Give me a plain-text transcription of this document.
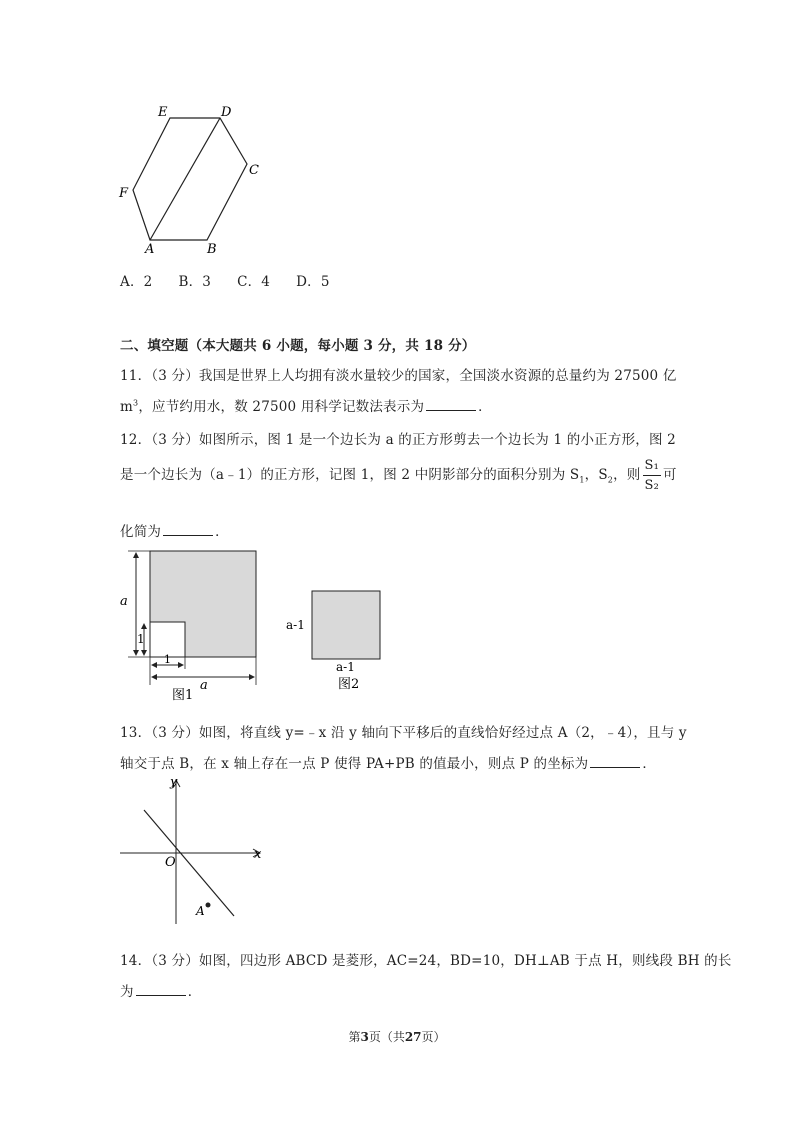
E	D
C
F
A	B
A．2 B．3 C．4 D．5
二、填空题（本大题共 6 小题，每小题 3 分，共 18 分）
11．（3 分）我国是世界上人均拥有淡水量较少的国家，全国淡水资源的总量约为 27500 亿
$m^3$，应节约用水，数 27500 用科学记数法表示为	．
12．（3 分）如图所示，图 1 是一个边长为 a 的正方形剪去一个边长为 1 的小正方形，图 2
是一个边长为（a﹣1）的正方形，记图 1，图 2 中阴影部分的面积分别为 $S_1$，$S_2$，则 $\frac{\text{S₁}}{\text{S₂}}$ 可
化简为	．
a
1
1
a
图1
a-1
a-1
图2
13．（3 分）如图，将直线 y=﹣x 沿 y 轴向下平移后的直线恰好经过点 A（2，﹣4），且与 y
轴交于点 B，在 x 轴上存在一点 P 使得 PA+PB 的值最小，则点 P 的坐标为	．
y
x
O
A
14．（3 分）如图，四边形 ABCD 是菱形，AC=24，BD=10，DH⊥AB 于点 H，则线段 BH 的长
为	．
第3页（共27页）
